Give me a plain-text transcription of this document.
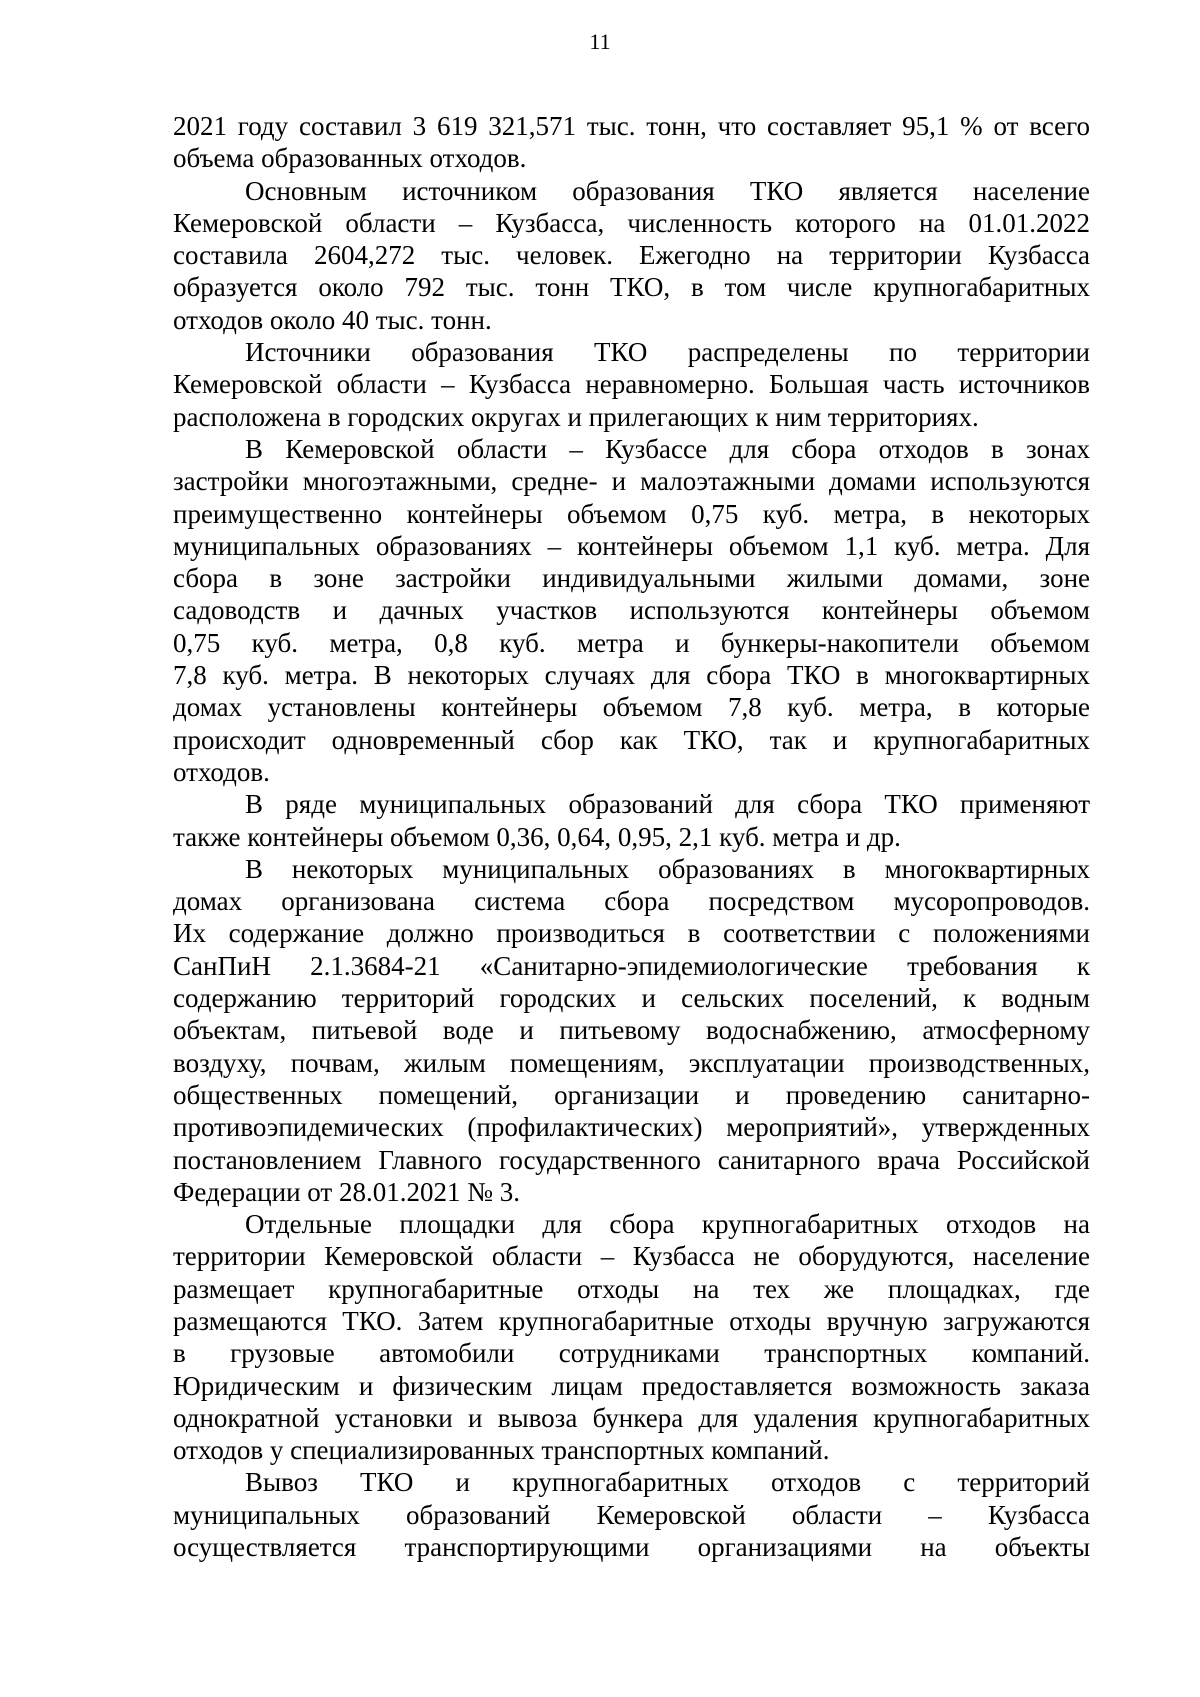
11

2021 году составил 3 619 321,571 тыс. тонн, что составляет 95,1 % от всего
объема образованных отходов.

Основным источником образования ТКО является население
Кемеровской области – Кузбасса, численность которого на 01.01.2022
составила 2604,272 тыс. человек. Ежегодно на территории Кузбасса
образуется около 792 тыс. тонн ТКО, в том числе крупногабаритных
отходов около 40 тыс. тонн.

Источники образования ТКО распределены по территории
Кемеровской области – Кузбасса неравномерно. Большая часть источников
расположена в городских округах и прилегающих к ним территориях.

В Кемеровской области – Кузбассе для сбора отходов в зонах
застройки многоэтажными, средне- и малоэтажными домами используются
преимущественно контейнеры объемом 0,75 куб. метра, в некоторых
муниципальных образованиях – контейнеры объемом 1,1 куб. метра. Для
сбора в зоне застройки индивидуальными жилыми домами, зоне
садоводств и дачных участков используются контейнеры объемом
0,75 куб. метра, 0,8 куб. метра и бункеры-накопители объемом
7,8 куб. метра. В некоторых случаях для сбора ТКО в многоквартирных
домах установлены контейнеры объемом 7,8 куб. метра, в которые
происходит одновременный сбор как ТКО, так и крупногабаритных
отходов.

В ряде муниципальных образований для сбора ТКО применяют
также контейнеры объемом 0,36, 0,64, 0,95, 2,1 куб. метра и др.

В некоторых муниципальных образованиях в многоквартирных
домах организована система сбора посредством мусоропроводов.
Их содержание должно производиться в соответствии с положениями
СанПиН 2.1.3684-21 «Санитарно-эпидемиологические требования к
содержанию территорий городских и сельских поселений, к водным
объектам, питьевой воде и питьевому водоснабжению, атмосферному
воздуху, почвам, жилым помещениям, эксплуатации производственных,
общественных помещений, организации и проведению санитарно-
противоэпидемических (профилактических) мероприятий», утвержденных
постановлением Главного государственного санитарного врача Российской
Федерации от 28.01.2021 № 3.

Отдельные площадки для сбора крупногабаритных отходов на
территории Кемеровской области – Кузбасса не оборудуются, население
размещает крупногабаритные отходы на тех же площадках, где
размещаются ТКО. Затем крупногабаритные отходы вручную загружаются
в грузовые автомобили сотрудниками транспортных компаний.
Юридическим и физическим лицам предоставляется возможность заказа
однократной установки и вывоза бункера для удаления крупногабаритных
отходов у специализированных транспортных компаний.

Вывоз ТКО и крупногабаритных отходов с территорий
муниципальных образований Кемеровской области – Кузбасса
осуществляется транспортирующими организациями на объекты
